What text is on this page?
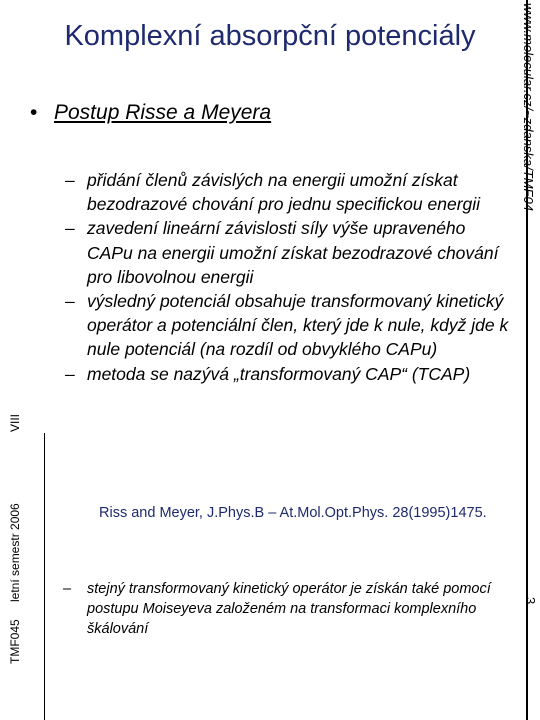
Komplexní absorpční potenciály
TMF045
letní semestr 2006
VIII
www.molecular.cz/~zdanska/TMF04
3
• Postup Risse a Meyera
– přidání členů závislých na energii umožní získat bezodrazové chování pro jednu specifickou energii
– zavedení lineární závislosti síly výše upraveného CAPu na energii umožní získat bezodrazové chování pro libovolnou energii
– výsledný potenciál obsahuje transformovaný kinetický operátor a potenciální člen, který jde k nule, když jde k nule potenciál (na rozdíl od obvyklého CAPu)
– metoda se nazývá „transformovaný CAP“ (TCAP)
Riss and Meyer, J.Phys.B – At.Mol.Opt.Phys. 28(1995)1475.
– stejný transformovaný kinetický operátor je získán také pomocí postupu Moiseyeva založeném na transformaci komplexního škálování
